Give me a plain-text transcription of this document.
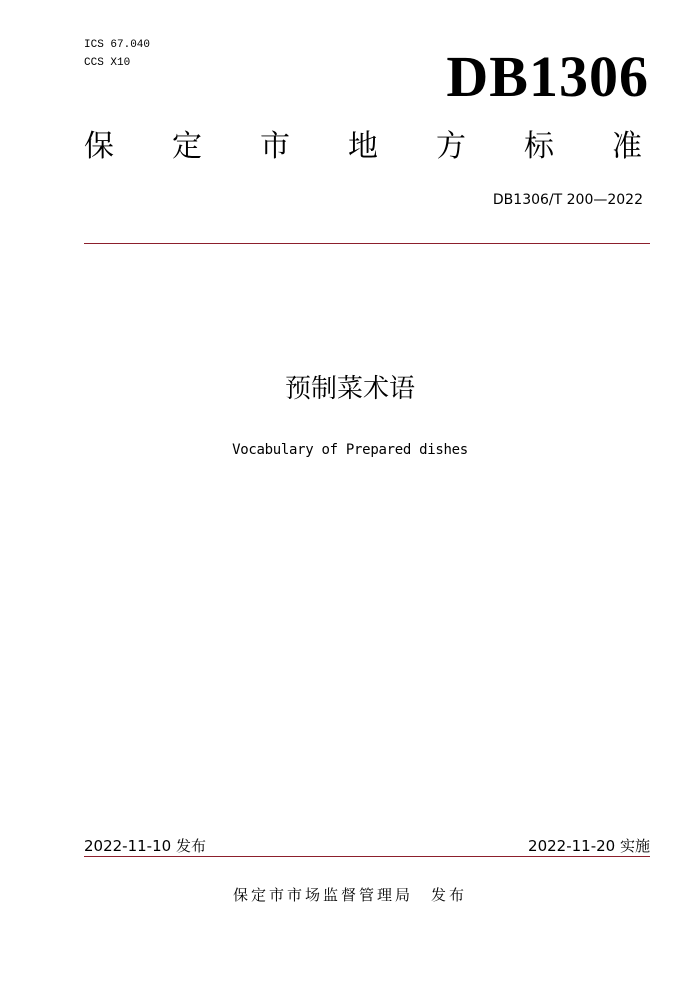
ICS 67.040
CCS X10	DB1306
保 定 市 地 方 标 准
DB1306/T 200—2022
预制菜术语
Vocabulary of Prepared dishes
2022-11-10 发布	2022-11-20 实施
保定市市场监督管理局　发布
